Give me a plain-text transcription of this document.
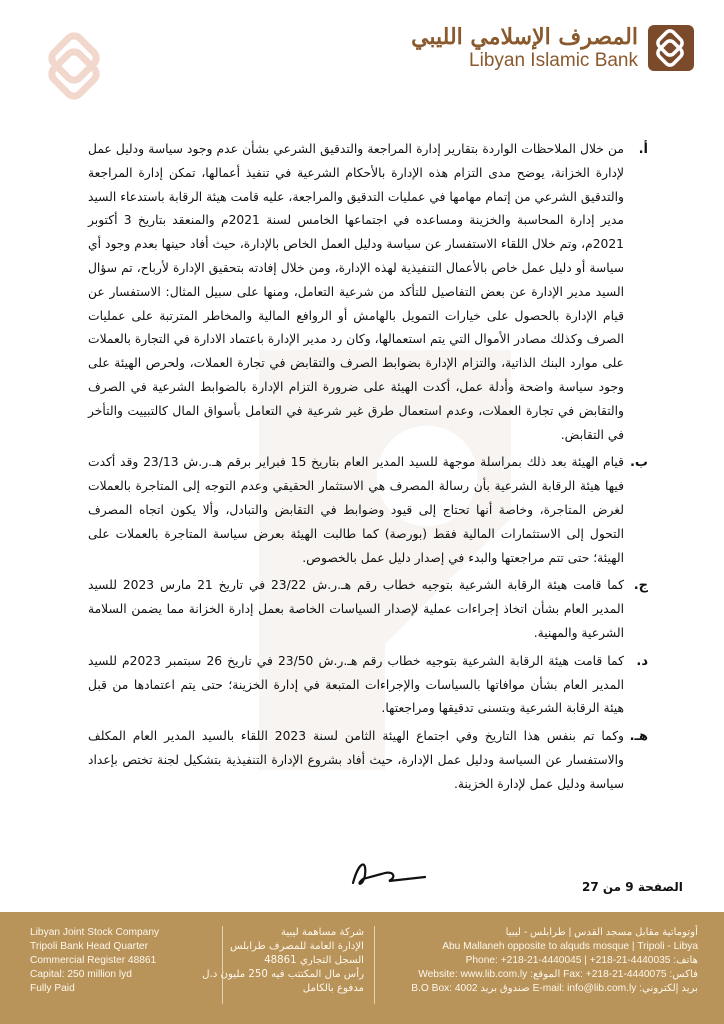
المصرف الإسلامي الليبي
Libyan Islamic Bank

أ.
من خلال الملاحظات الواردة بتقارير إدارة المراجعة والتدقيق الشرعي بشأن عدم وجود سياسة ودليل عمل لإدارة الخزانة، يوضح مدى التزام هذه الإدارة بالأحكام الشرعية في تنفيذ أعمالها، تمكن إدارة المراجعة والتدقيق الشرعي من إتمام مهامها في عمليات التدقيق والمراجعة، عليه قامت هيئة الرقابة باستدعاء السيد مدير إدارة المحاسبة والخزينة ومساعده في اجتماعها الخامس لسنة 2021م والمنعقد بتاريخ 3 أكتوبر 2021م، وتم خلال اللقاء الاستفسار عن سياسة ودليل العمل الخاص بالإدارة، حيث أفاد حينها بعدم وجود أي سياسة أو دليل عمل خاص بالأعمال التنفيذية لهذه الإدارة، ومن خلال إفادته بتحقيق الإدارة لأرباح، تم سؤال السيد مدير الإدارة عن بعض التفاصيل للتأكد من شرعية التعامل، ومنها على سبيل المثال: الاستفسار عن قيام الإدارة بالحصول على خيارات التمويل بالهامش أو الروافع المالية والمخاطر المترتبة على عمليات الصرف وكذلك مصادر الأموال التي يتم استعمالها، وكان رد مدير الإدارة باعتماد الادارة في التجارة بالعملات على موارد البنك الذاتية، والتزام الإدارة بضوابط الصرف والتقابض في تجارة العملات، ولحرص الهيئة على وجود سياسة واضحة وأدلة عمل، أكدت الهيئة على ضرورة التزام الإدارة بالضوابط الشرعية في الصرف والتقابض في تجارة العملات، وعدم استعمال طرق غير شرعية في التعامل بأسواق المال كالتبييت والتأخر في التقابض.

ب.
قيام الهيئة بعد ذلك بمراسلة موجهة للسيد المدير العام بتاريخ 15 فبراير برقم هـ.ر.ش 23/13 وقد أكدت فيها هيئة الرقابة الشرعية بأن رسالة المصرف هي الاستثمار الحقيقي وعدم التوجه إلى المتاجرة بالعملات لغرض المتاجرة، وخاصة أنها تحتاج إلى قيود وضوابط في التقابض والتبادل، وألا يكون اتجاه المصرف التحول إلى الاستثمارات المالية فقط (بورصة) كما طالبت الهيئة بعرض سياسة المتاجرة بالعملات على الهيئة؛ حتى تتم مراجعتها والبدء في إصدار دليل عمل بالخصوص.

ج.
كما قامت هيئة الرقابة الشرعية بتوجيه خطاب رقم هـ.ر.ش 23/22 في تاريخ 21 مارس 2023 للسيد المدير العام بشأن اتخاذ إجراءات عملية لإصدار السياسات الخاصة بعمل إدارة الخزانة مما يضمن السلامة الشرعية والمهنية.

د.
كما قامت هيئة الرقابة الشرعية بتوجيه خطاب رقم هـ.ر.ش 23/50 في تاريخ 26 سبتمبر 2023م للسيد المدير العام بشأن موافاتها بالسياسات والإجراءات المتبعة في إدارة الخزينة؛ حتى يتم اعتمادها من قبل هيئة الرقابة الشرعية وبتسنى تدقيقها ومراجعتها.

هـ.
وكما تم بنفس هذا التاريخ وفي اجتماع الهيئة الثامن لسنة 2023 اللقاء بالسيد المدير العام المكلف والاستفسار عن السياسة ودليل عمل الإدارة، حيث أفاد بشروع الإدارة التنفيذية بتشكيل لجنة تختص بإعداد سياسة ودليل عمل لإدارة الخزينة.

الصفحة 9 من 27
Libyan Joint Stock Company
Tripoli Bank Head Quarter
Commercial Register 48861
Capital: 250 million lyd
Fully Paid
شركة مساهمة ليبية
الإدارة العامة للمصرف طرابلس
السجل التجاري 48861
رأس مال المكتتب فيه 250 مليون د.ل
مدفوع بالكامل
أوتوماتية مقابل مسجد القدس | طرابلس - ليبيا
Abu Mallaneh opposite to alquds mosque | Tripoli - Libya
Phone: +218-21-4440045 | +218-21-4440035 :هاتف
Website: www.lib.com.ly :الموقع Fax: +218-21-4440075 :فاكس
B.O Box: 4002 صندوق بريد E-mail: info@lib.com.ly :بريد إلكتروني
